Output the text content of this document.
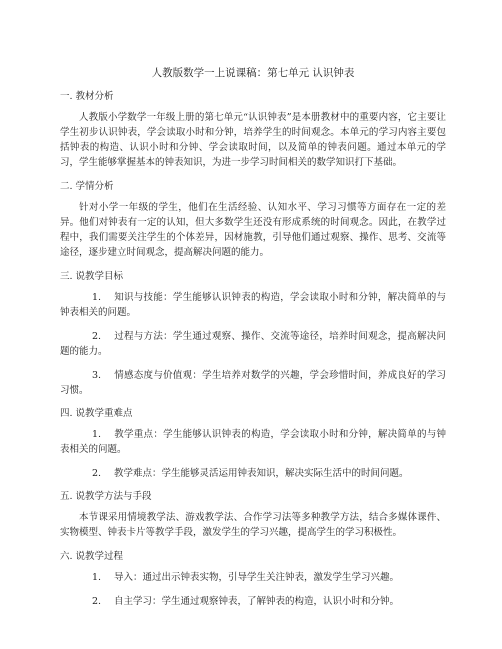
人教版数学一上说课稿：第七单元 认识钟表
一. 教材分析
人教版小学数学一年级上册的第七单元“认识钟表”是本册教材中的重要内容，它主要让学生初步认识钟表，学会读取小时和分钟，培养学生的时间观念。本单元的学习内容主要包括钟表的构造、认识小时和分钟、学会读取时间，以及简单的钟表问题。通过本单元的学习，学生能够掌握基本的钟表知识，为进一步学习时间相关的数学知识打下基础。
二. 学情分析
针对小学一年级的学生，他们在生活经验、认知水平、学习习惯等方面存在一定的差异。他们对钟表有一定的认知，但大多数学生还没有形成系统的时间观念。因此，在教学过程中，我们需要关注学生的个体差异，因材施教，引导他们通过观察、操作、思考、交流等途径，逐步建立时间观念，提高解决问题的能力。
三. 说教学目标
1. 知识与技能：学生能够认识钟表的构造，学会读取小时和分钟，解决简单的与钟表相关的问题。
2. 过程与方法：学生通过观察、操作、交流等途径，培养时间观念，提高解决问题的能力。
3. 情感态度与价值观：学生培养对数学的兴趣，学会珍惜时间，养成良好的学习习惯。
四. 说教学重难点
1. 教学重点：学生能够认识钟表的构造，学会读取小时和分钟，解决简单的与钟表相关的问题。
2. 教学难点：学生能够灵活运用钟表知识，解决实际生活中的时间问题。
五. 说教学方法与手段
本节课采用情境教学法、游戏教学法、合作学习法等多种教学方法，结合多媒体课件、实物模型、钟表卡片等教学手段，激发学生的学习兴趣，提高学生的学习积极性。
六. 说教学过程
1. 导入：通过出示钟表实物，引导学生关注钟表，激发学生学习兴趣。
2. 自主学习：学生通过观察钟表，了解钟表的构造，认识小时和分钟。
